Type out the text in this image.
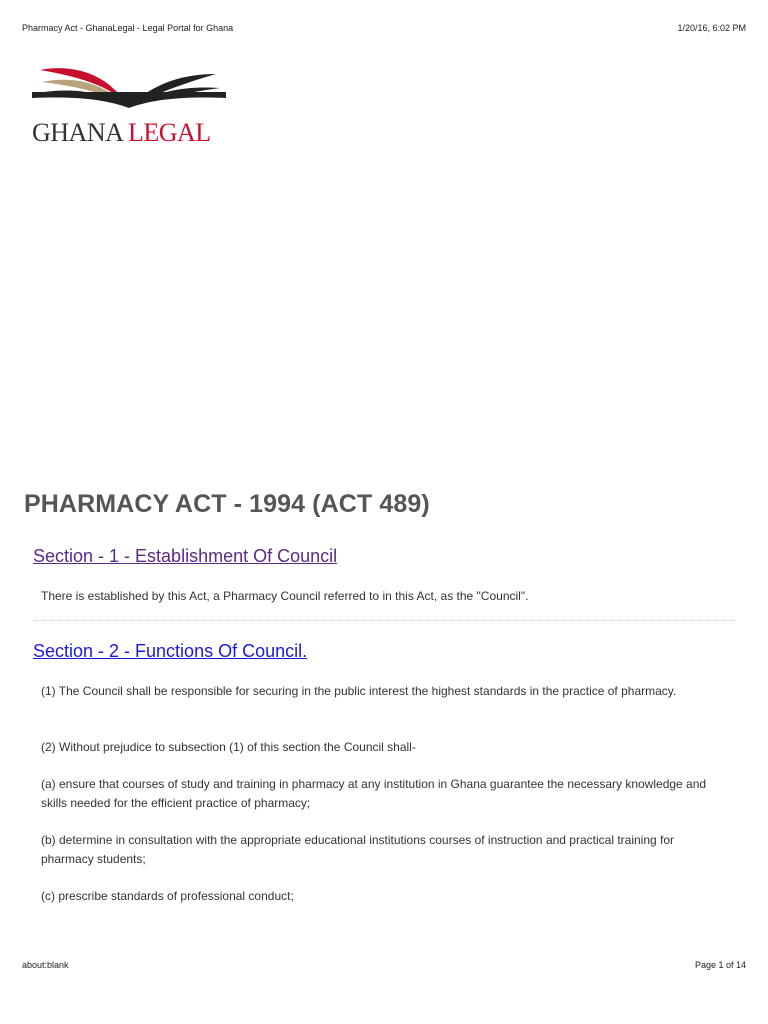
Pharmacy Act - GhanaLegal - Legal Portal for Ghana	1/20/16, 6:02 PM
GHANA LEGAL
PHARMACY ACT - 1994 (ACT 489)
Section - 1 - Establishment Of Council

There is established by this Act, a Pharmacy Council referred to in this Act, as the "Council".

Section - 2 - Functions Of Council.

(1) The Council shall be responsible for securing in the public interest the highest standards in the practice of pharmacy.

(2) Without prejudice to subsection (1) of this section the Council shall-

(a) ensure that courses of study and training in pharmacy at any institution in Ghana guarantee the necessary knowledge and skills needed for the efficient practice of pharmacy;

(b) determine in consultation with the appropriate educational institutions courses of instruction and practical training for pharmacy students;

(c) prescribe standards of professional conduct;

about:blank	Page 1 of 14
